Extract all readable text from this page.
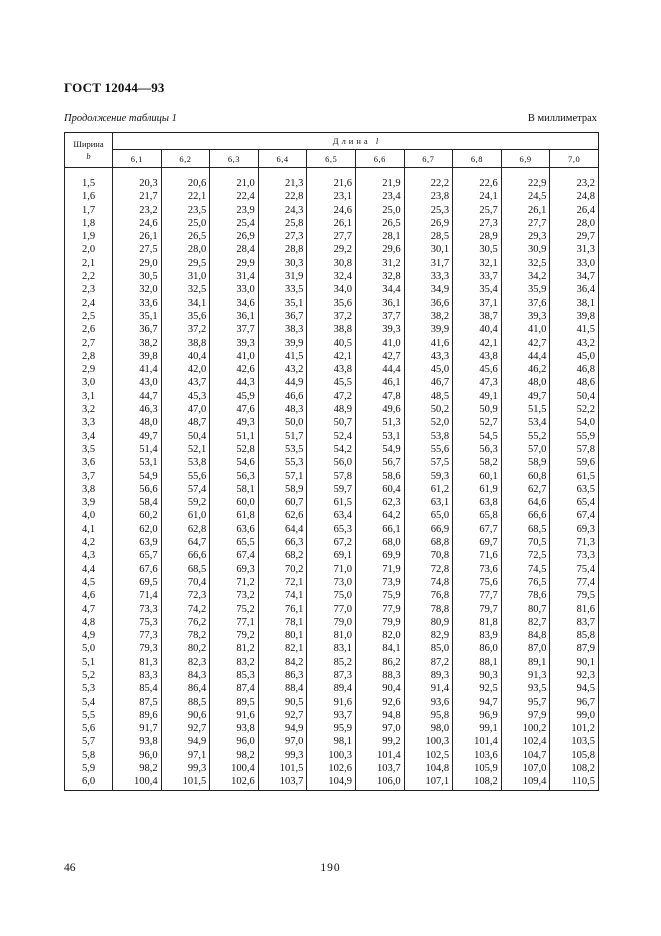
ГОСТ 12044—93
Продолжение таблицы 1	В миллиметрах
Ширина
b	Длина l									
	6,1	6,2	6,3	6,4	6,5	6,6	6,7	6,8	6,9	7,0

1,5	20,3	20,6	21,0	21,3	21,6	21,9	22,2	22,6	22,9	23,2
1,6	21,7	22,1	22,4	22,8	23,1	23,4	23,8	24,1	24,5	24,8
1,7	23,2	23,5	23,9	24,3	24,6	25,0	25,3	25,7	26,1	26,4
1,8	24,6	25,0	25,4	25,8	26,1	26,5	26,9	27,3	27,7	28,0
1,9	26,1	26,5	26,9	27,3	27,7	28,1	28,5	28,9	29,3	29,7
2,0	27,5	28,0	28,4	28,8	29,2	29,6	30,1	30,5	30,9	31,3
2,1	29,0	29,5	29,9	30,3	30,8	31,2	31,7	32,1	32,5	33,0
2,2	30,5	31,0	31,4	31,9	32,4	32,8	33,3	33,7	34,2	34,7
2,3	32,0	32,5	33,0	33,5	34,0	34,4	34,9	35,4	35,9	36,4
2,4	33,6	34,1	34,6	35,1	35,6	36,1	36,6	37,1	37,6	38,1
2,5	35,1	35,6	36,1	36,7	37,2	37,7	38,2	38,7	39,3	39,8
2,6	36,7	37,2	37,7	38,3	38,8	39,3	39,9	40,4	41,0	41,5
2,7	38,2	38,8	39,3	39,9	40,5	41,0	41,6	42,1	42,7	43,2
2,8	39,8	40,4	41,0	41,5	42,1	42,7	43,3	43,8	44,4	45,0
2,9	41,4	42,0	42,6	43,2	43,8	44,4	45,0	45,6	46,2	46,8
3,0	43,0	43,7	44,3	44,9	45,5	46,1	46,7	47,3	48,0	48,6
3,1	44,7	45,3	45,9	46,6	47,2	47,8	48,5	49,1	49,7	50,4
3,2	46,3	47,0	47,6	48,3	48,9	49,6	50,2	50,9	51,5	52,2
3,3	48,0	48,7	49,3	50,0	50,7	51,3	52,0	52,7	53,4	54,0
3,4	49,7	50,4	51,1	51,7	52,4	53,1	53,8	54,5	55,2	55,9
3,5	51,4	52,1	52,8	53,5	54,2	54,9	55,6	56,3	57,0	57,8
3,6	53,1	53,8	54,6	55,3	56,0	56,7	57,5	58,2	58,9	59,6
3,7	54,9	55,6	56,3	57,1	57,8	58,6	59,3	60,1	60,8	61,5
3,8	56,6	57,4	58,1	58,9	59,7	60,4	61,2	61,9	62,7	63,5
3,9	58,4	59,2	60,0	60,7	61,5	62,3	63,1	63,8	64,6	65,4
4,0	60,2	61,0	61,8	62,6	63,4	64,2	65,0	65,8	66,6	67,4
4,1	62,0	62,8	63,6	64,4	65,3	66,1	66,9	67,7	68,5	69,3
4,2	63,9	64,7	65,5	66,3	67,2	68,0	68,8	69,7	70,5	71,3
4,3	65,7	66,6	67,4	68,2	69,1	69,9	70,8	71,6	72,5	73,3
4,4	67,6	68,5	69,3	70,2	71,0	71,9	72,8	73,6	74,5	75,4
4,5	69,5	70,4	71,2	72,1	73,0	73,9	74,8	75,6	76,5	77,4
4,6	71,4	72,3	73,2	74,1	75,0	75,9	76,8	77,7	78,6	79,5
4,7	73,3	74,2	75,2	76,1	77,0	77,9	78,8	79,7	80,7	81,6
4,8	75,3	76,2	77,1	78,1	79,0	79,9	80,9	81,8	82,7	83,7
4,9	77,3	78,2	79,2	80,1	81,0	82,0	82,9	83,9	84,8	85,8
5,0	79,3	80,2	81,2	82,1	83,1	84,1	85,0	86,0	87,0	87,9
5,1	81,3	82,3	83,2	84,2	85,2	86,2	87,2	88,1	89,1	90,1
5,2	83,3	84,3	85,3	86,3	87,3	88,3	89,3	90,3	91,3	92,3
5,3	85,4	86,4	87,4	88,4	89,4	90,4	91,4	92,5	93,5	94,5
5,4	87,5	88,5	89,5	90,5	91,6	92,6	93,6	94,7	95,7	96,7
5,5	89,6	90,6	91,6	92,7	93,7	94,8	95,8	96,9	97,9	99,0
5,6	91,7	92,7	93,8	94,9	95,9	97,0	98,0	99,1	100,2	101,2
5,7	93,8	94,9	96,0	97,0	98,1	99,2	100,3	101,4	102,4	103,5
5,8	96,0	97,1	98,2	99,3	100,3	101,4	102,5	103,6	104,7	105,8
5,9	98,2	99,3	100,4	101,5	102,6	103,7	104,8	105,9	107,0	108,2
6,0	100,4	101,5	102,6	103,7	104,9	106,0	107,1	108,2	109,4	110,5
46	190
